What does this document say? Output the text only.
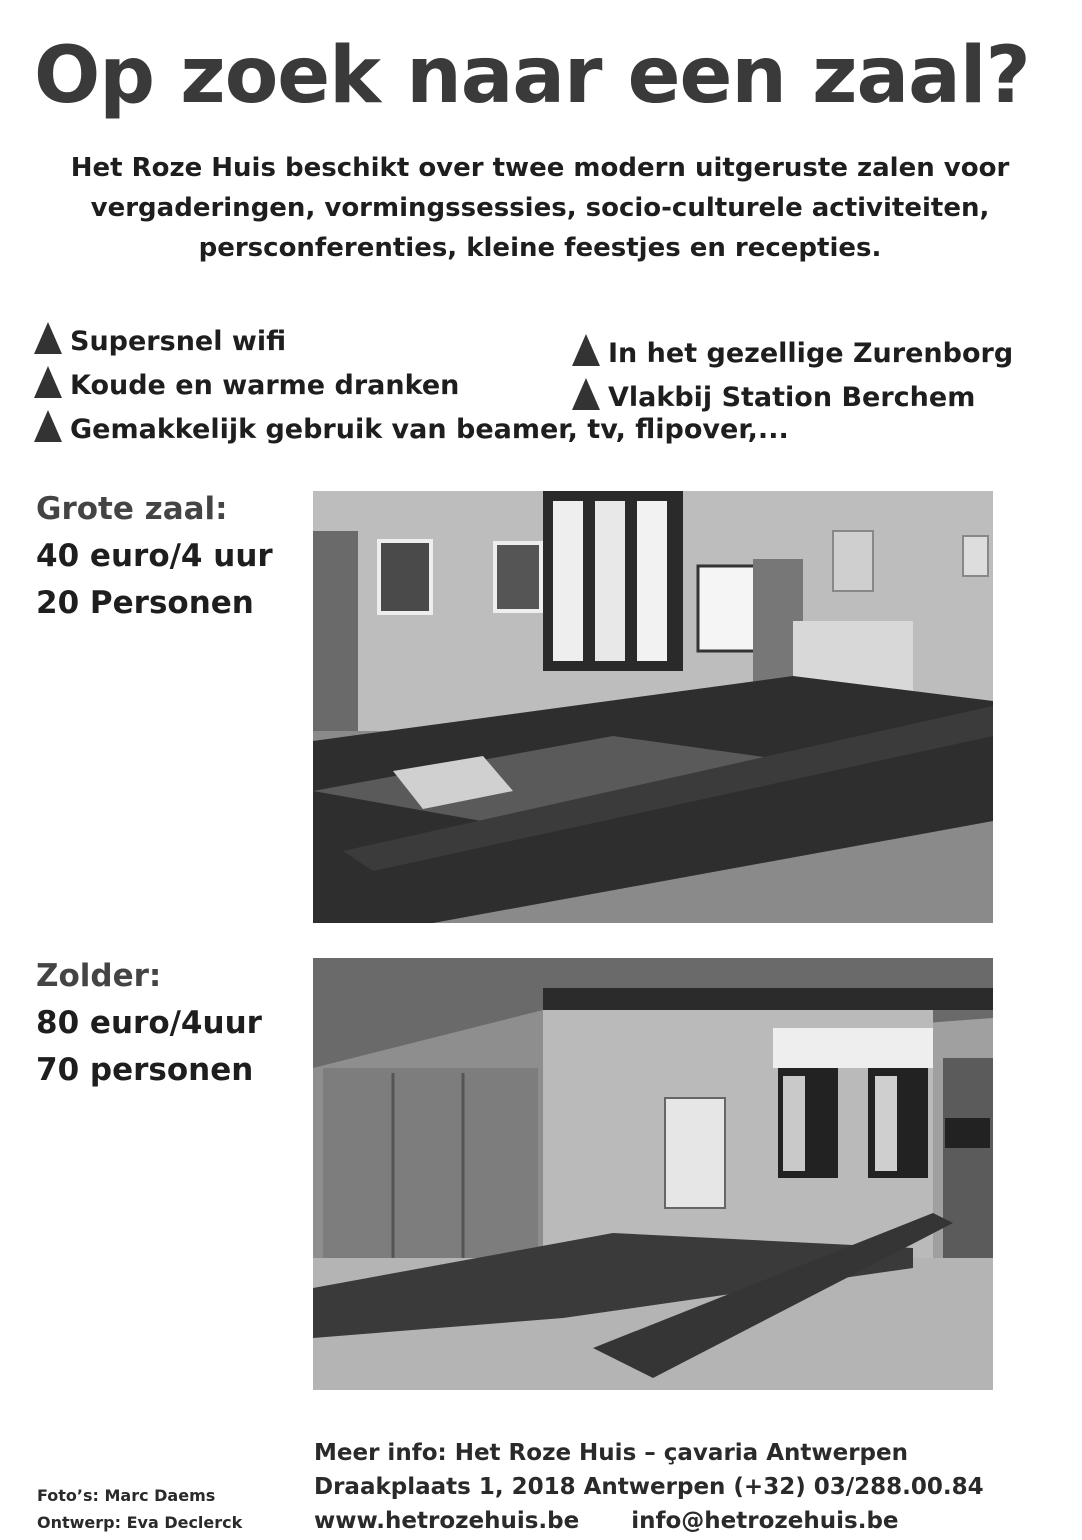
Op zoek naar een zaal?

Het Roze Huis beschikt over twee modern uitgeruste zalen voor
vergaderingen, vormingssessies, socio-culturele activiteiten,
persconferenties, kleine feestjes en recepties.

Supersnel wifi
Koude en warme dranken
Gemakkelijk gebruik van beamer, tv, flipover,...
In het gezellige Zurenborg
Vlakbij Station Berchem
Grote zaal:
40 euro/4 uur
20 Personen
Zolder:
80 euro/4uur
70 personen
Meer info: Het Roze Huis – çavaria Antwerpen
Draakplaats 1, 2018 Antwerpen (+32) 03/288.00.84
www.hetrozehuis.be info@hetrozehuis.be
Foto’s: Marc Daems
Ontwerp: Eva Declerck
